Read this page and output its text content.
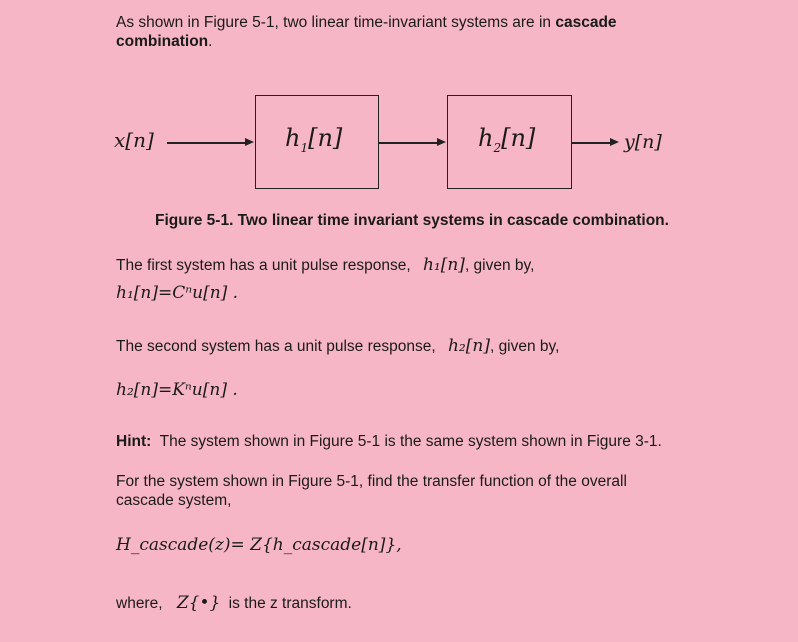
As shown in Figure 5-1, two linear time-invariant systems are in cascade
combination.
x[n]	$h_1[n]$	$h_2[n]$	y[n]
Figure 5-1. Two linear time invariant systems in cascade combination.
The first system has a unit pulse response, h₁[n], given by,
h₁[n]=Cⁿu[n] .
The second system has a unit pulse response, h₂[n], given by,
h₂[n]=Kⁿu[n] .
Hint: The system shown in Figure 5-1 is the same system shown in Figure 3-1.
For the system shown in Figure 5-1, find the transfer function of the overall
cascade system,
H_cascade(z)= Z{h_cascade[n]},
where, Z{•} is the z transform.
